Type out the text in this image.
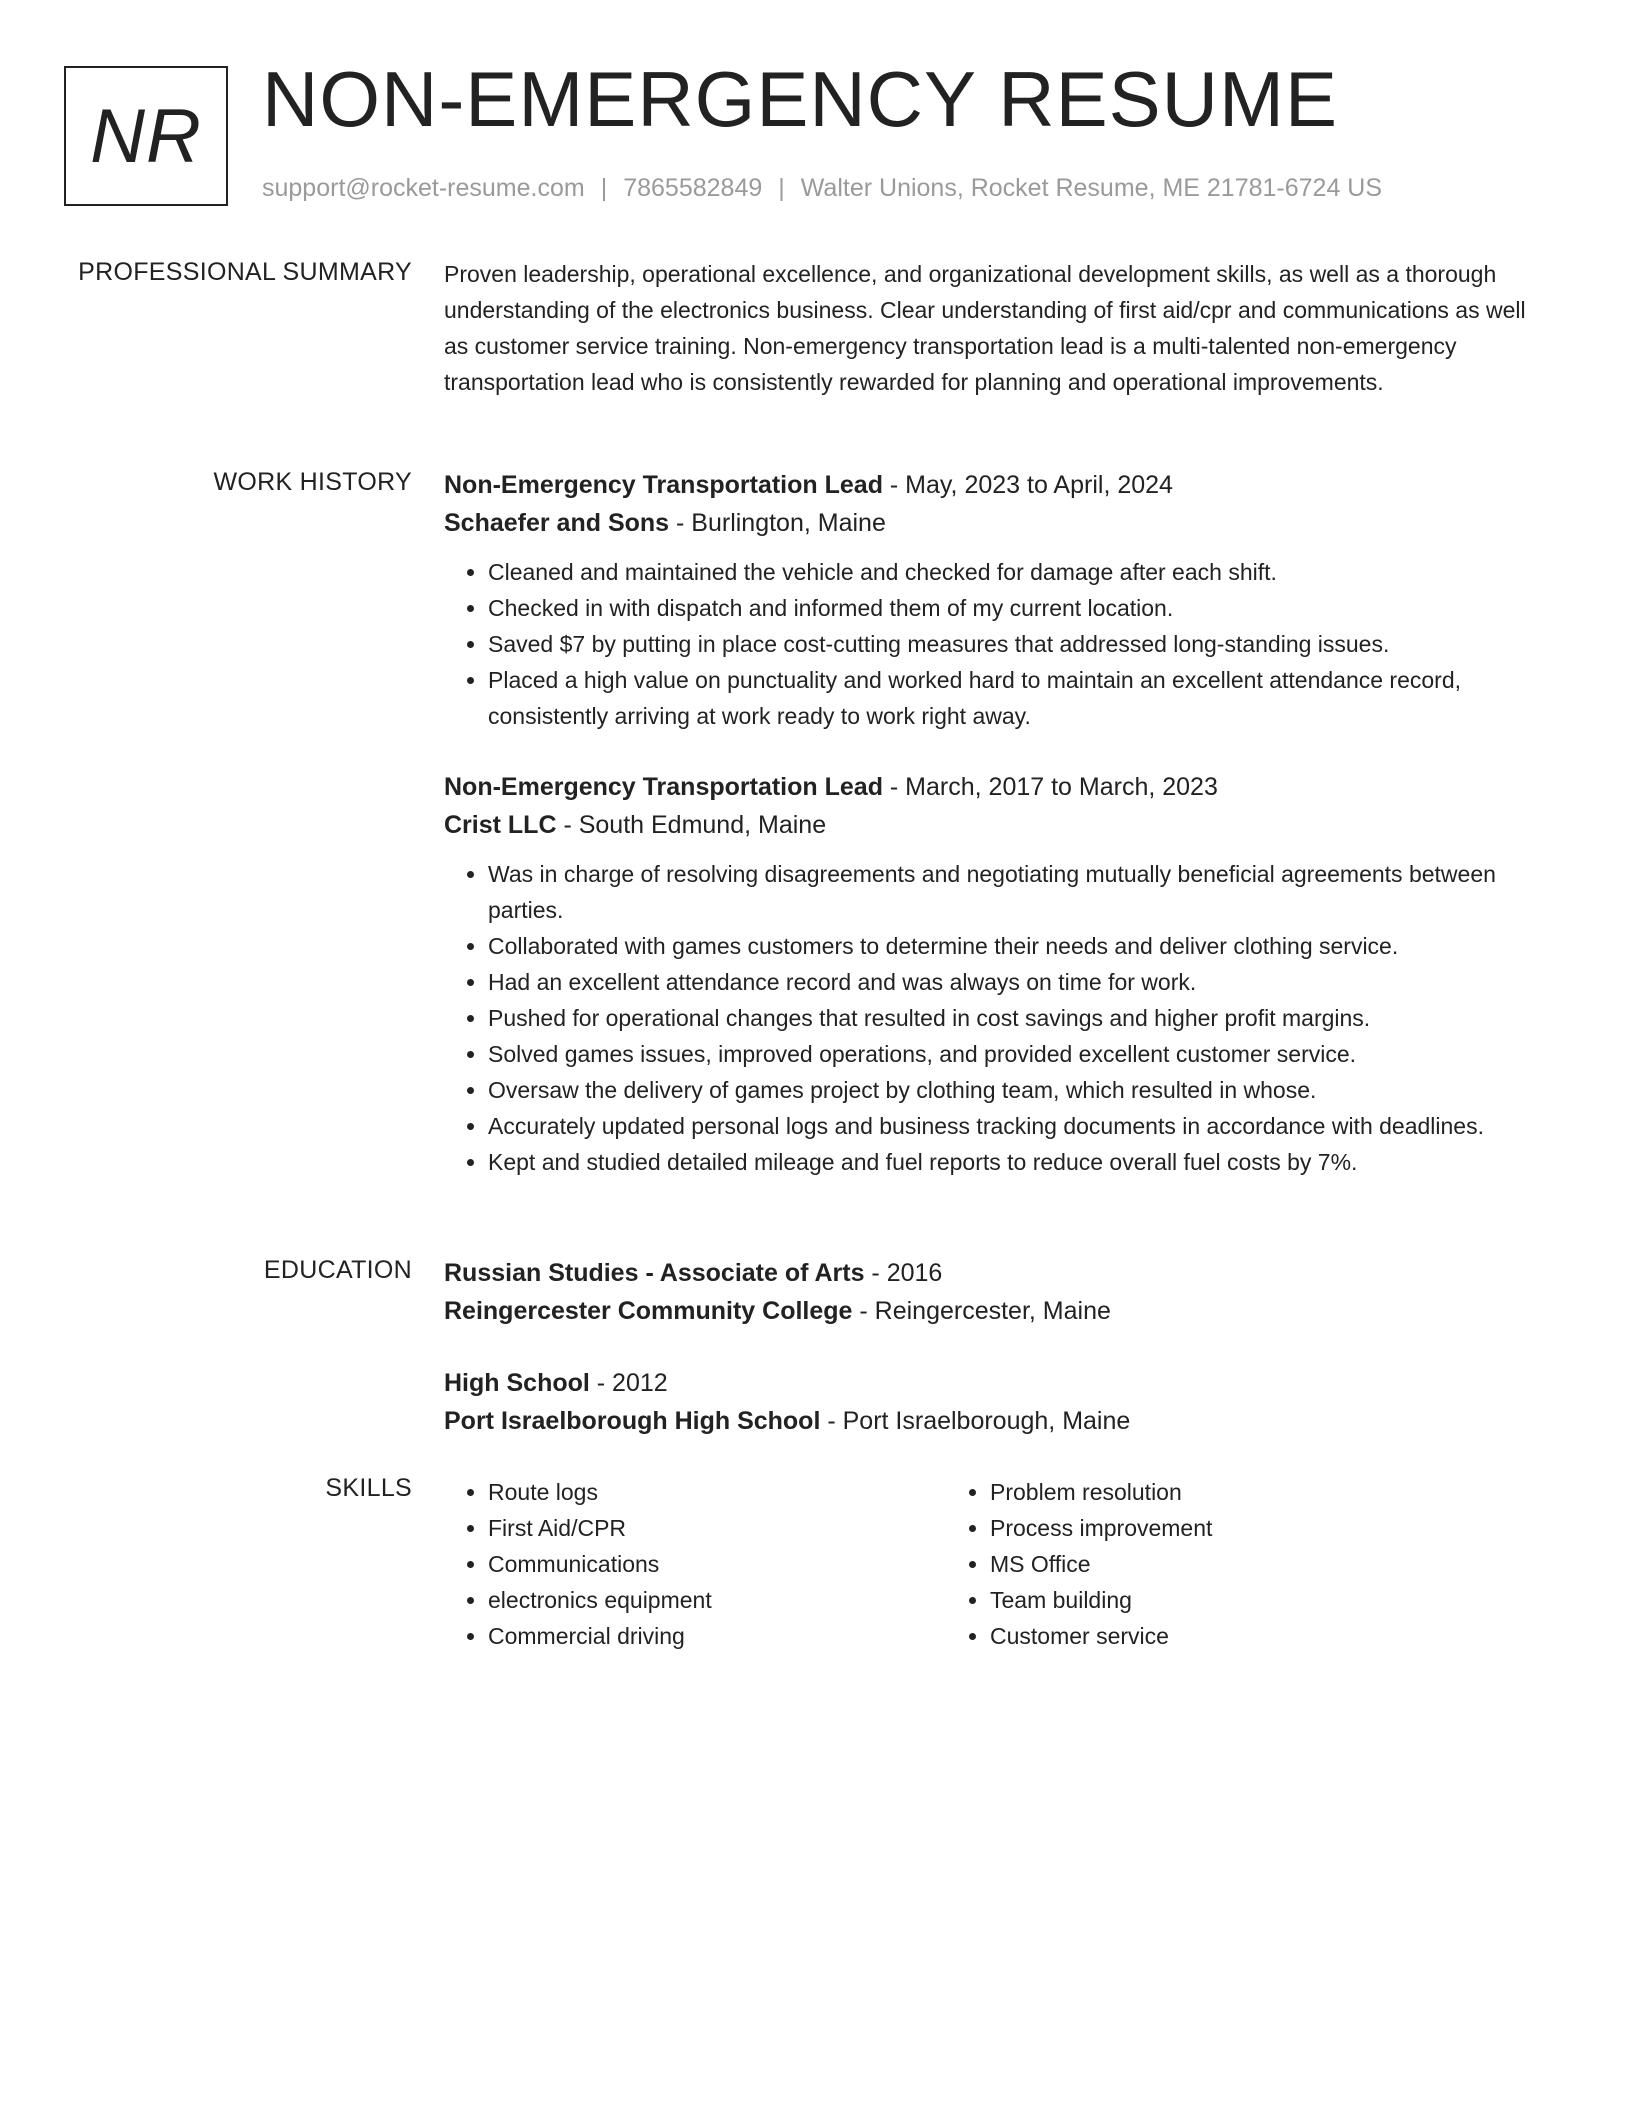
NR NON-EMERGENCY RESUME
support@rocket-resume.com | 7865582849 | Walter Unions, Rocket Resume, ME 21781-6724 US
PROFESSIONAL SUMMARY Proven leadership, operational excellence, and organizational development skills, as well as a thorough understanding of the electronics business. Clear understanding of first aid/cpr and communications as well as customer service training. Non-emergency transportation lead is a multi-talented non-emergency transportation lead who is consistently rewarded for planning and operational improvements.

WORK HISTORY Non-Emergency Transportation Lead - May, 2023 to April, 2024
Schaefer and Sons - Burlington, Maine
• Cleaned and maintained the vehicle and checked for damage after each shift.
• Checked in with dispatch and informed them of my current location.
• Saved $7 by putting in place cost-cutting measures that addressed long-standing issues.
• Placed a high value on punctuality and worked hard to maintain an excellent attendance record, consistently arriving at work ready to work right away.
Non-Emergency Transportation Lead - March, 2017 to March, 2023
Crist LLC - South Edmund, Maine
• Was in charge of resolving disagreements and negotiating mutually beneficial agreements between parties.
• Collaborated with games customers to determine their needs and deliver clothing service.
• Had an excellent attendance record and was always on time for work.
• Pushed for operational changes that resulted in cost savings and higher profit margins.
• Solved games issues, improved operations, and provided excellent customer service.
• Oversaw the delivery of games project by clothing team, which resulted in whose.
• Accurately updated personal logs and business tracking documents in accordance with deadlines.
• Kept and studied detailed mileage and fuel reports to reduce overall fuel costs by 7%.
EDUCATION Russian Studies - Associate of Arts - 2016
Reingercester Community College - Reingercester, Maine
High School - 2012
Port Israelborough High School - Port Israelborough, Maine
SKILLS
•	Route logs
• First Aid/CPR
• Communications
• electronics equipment
• Commercial driving
• Problem resolution
• Process improvement
• MS Office
• Team building
• Customer service
